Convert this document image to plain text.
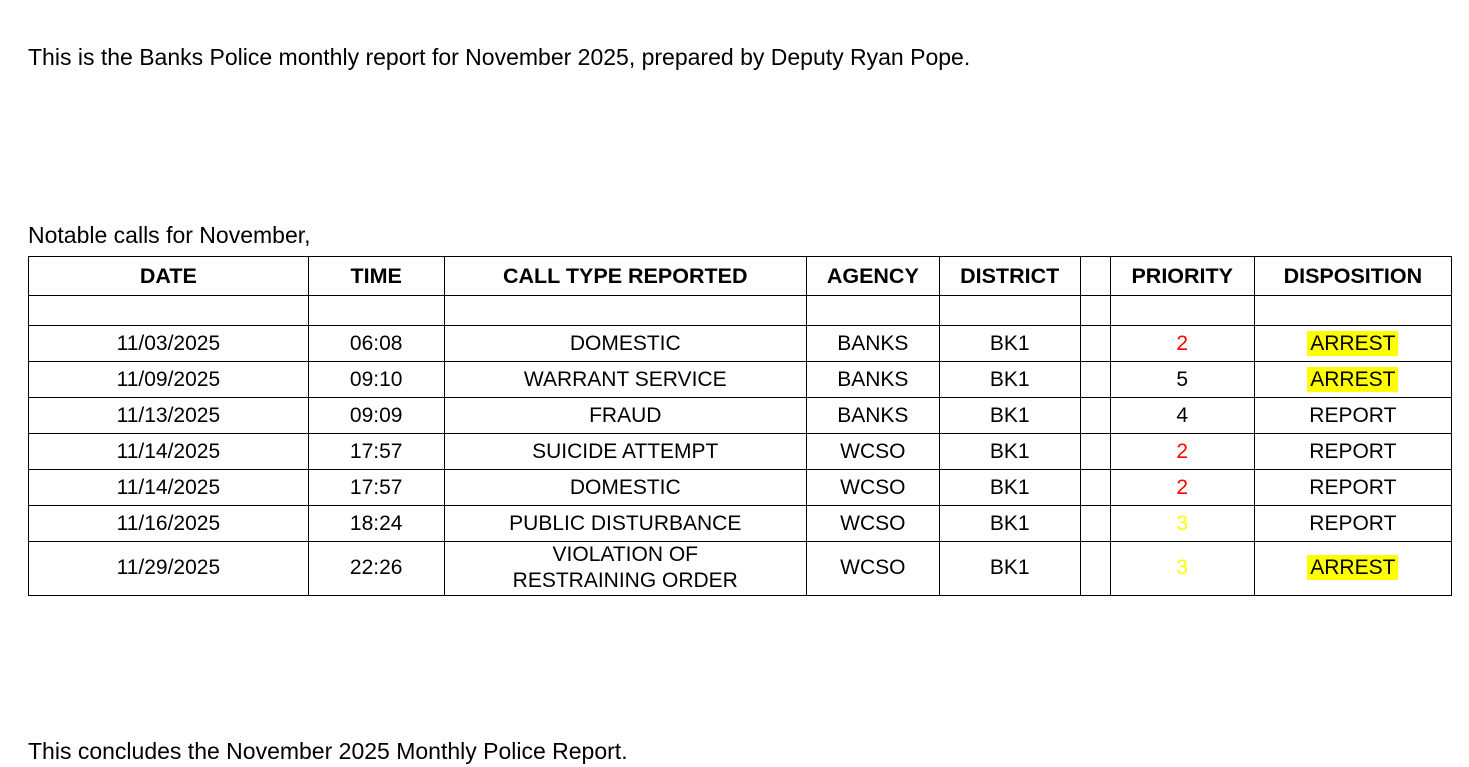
This is the Banks Police monthly report for November 2025, prepared by Deputy Ryan Pope.

Notable calls for November,

DATE	TIME	CALL TYPE REPORTED	AGENCY	DISTRICT		PRIORITY	DISPOSITION

11/03/2025	06:08	DOMESTIC	BANKS	BK1		2	ARREST
11/09/2025	09:10	WARRANT SERVICE	BANKS	BK1		5	ARREST
11/13/2025	09:09	FRAUD	BANKS	BK1		4	REPORT
11/14/2025	17:57	SUICIDE ATTEMPT	WCSO	BK1		2	REPORT
11/14/2025	17:57	DOMESTIC	WCSO	BK1		2	REPORT
11/16/2025	18:24	PUBLIC DISTURBANCE	WCSO	BK1		3	REPORT
11/29/2025	22:26	VIOLATION OF
RESTRAINING ORDER	WCSO	BK1		3	ARREST

This concludes the November 2025 Monthly Police Report.
